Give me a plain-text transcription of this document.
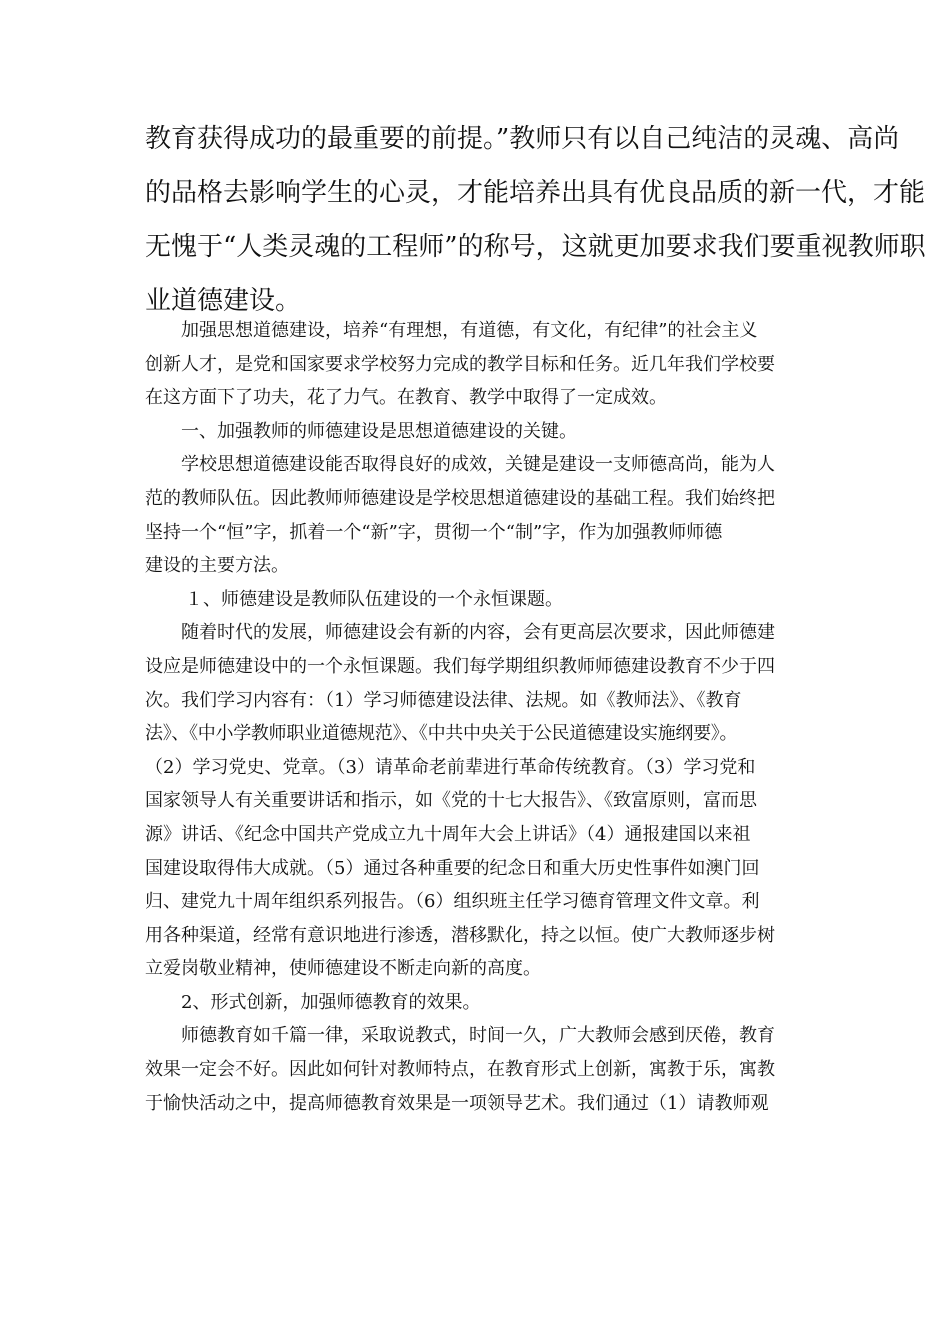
教育获得成功的最重要的前提。”教师只有以自己纯洁的灵魂、高尚
的品格去影响学生的心灵，才能培养出具有优良品质的新一代，才能
无愧于“人类灵魂的工程师”的称号，这就更加要求我们要重视教师职
业道德建设。
加强思想道德建设，培养“有理想，有道德，有文化，有纪律”的社会主义
创新人才，是党和国家要求学校努力完成的教学目标和任务。近几年我们学校要
在这方面下了功夫，花了力气。在教育、教学中取得了一定成效。
一、加强教师的师德建设是思想道德建设的关键。
学校思想道德建设能否取得良好的成效，关键是建设一支师德高尚，能为人
范的教师队伍。因此教师师德建设是学校思想道德建设的基础工程。我们始终把
坚持一个“恒”字，抓着一个“新”字，贯彻一个“制”字，作为加强教师师德
建设的主要方法。
１、师德建设是教师队伍建设的一个永恒课题。
随着时代的发展，师德建设会有新的内容，会有更高层次要求，因此师德建
设应是师德建设中的一个永恒课题。我们每学期组织教师师德建设教育不少于四
次。我们学习内容有：（1）学习师德建设法律、法规。如《教师法》、《教育
法》、《中小学教师职业道德规范》、《中共中央关于公民道德建设实施纲要》。
（2）学习党史、党章。（3）请革命老前辈进行革命传统教育。（3）学习党和
国家领导人有关重要讲话和指示，如《党的十七大报告》、《致富原则，富而思
源》讲话、《纪念中国共产党成立九十周年大会上讲话》（4）通报建国以来祖
国建设取得伟大成就。（5）通过各种重要的纪念日和重大历史性事件如澳门回
归、建党九十周年组织系列报告。（6）组织班主任学习德育管理文件文章。利
用各种渠道，经常有意识地进行渗透，潜移默化，持之以恒。使广大教师逐步树
立爱岗敬业精神，使师德建设不断走向新的高度。
2、形式创新，加强师德教育的效果。
师德教育如千篇一律，采取说教式，时间一久，广大教师会感到厌倦，教育
效果一定会不好。因此如何针对教师特点，在教育形式上创新，寓教于乐，寓教
于愉快活动之中，提高师德教育效果是一项领导艺术。我们通过（1）请教师观
